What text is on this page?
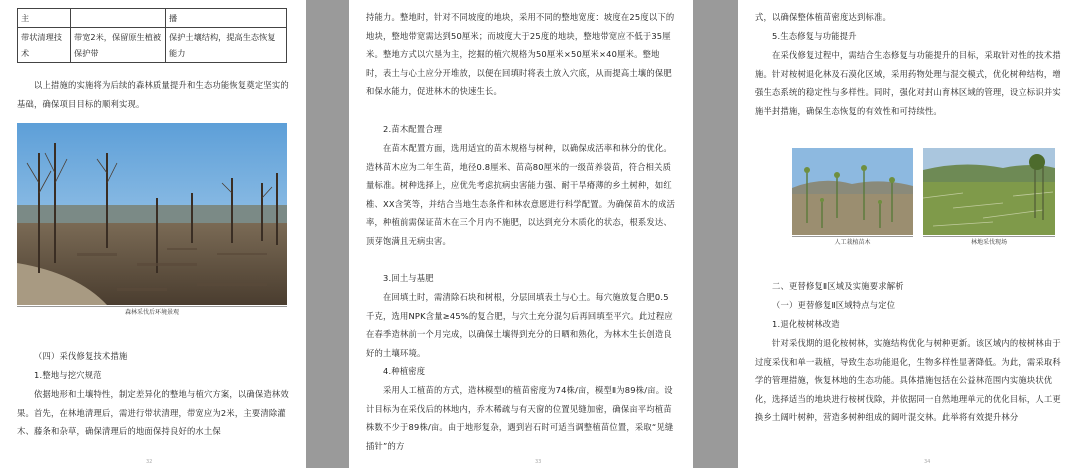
主		播
带状清理技术	带宽2米，保留原生植被保护带	保护土壤结构，提高生态恢复能力
以上措施的实施将为后续的森林质量提升和生态功能恢复奠定坚实的基础，确保项目目标的顺利实现。
森林采伐后环境景观
（四）采伐修复技术措施
1.整地与挖穴规范
依据地形和土壤特性，制定差异化的整地与植穴方案，以确保造林效果。首先，在林地清理后，需进行带状清理，带宽应为2米，主要清除灌木、藤条和杂草，确保清理后的地面保持良好的水土保
32
持能力。整地时，针对不同坡度的地块，采用不同的整地宽度：坡度在25度以下的地块，整地带宽需达到50厘米；而坡度大于25度的地块，整地带宽应不低于35厘米。整地方式以穴垦为主，挖掘的植穴规格为50厘米×50厘米×40厘米。整地时，表土与心土应分开堆放，以便在回填时将表土放入穴底，从而提高土壤的保肥和保水能力，促进林木的快速生长。
2.苗木配置合理
在苗木配置方面，选用适宜的苗木规格与树种，以确保成活率和林分的优化。造林苗木应为二年生苗，地径0.8厘米、苗高80厘米的一级苗养袋苗，符合相关质量标准。树种选择上，应优先考虑抗病虫害能力强、耐干旱瘠薄的乡土树种，如红椎、XX含笑等，并结合当地生态条件和林农意愿进行科学配置。为确保苗木的成活率，种植前需保证苗木在三个月内不施肥，以达到充分木质化的状态，根系发达、顶芽饱满且无病虫害。
3.回土与基肥
在回填土时，需清除石块和树根，分层回填表土与心土。每穴施放复合肥0.5千克，选用NPK含量≥45%的复合肥，与穴土充分混匀后再回填至平穴。此过程应在春季造林前一个月完成，以确保土壤得到充分的日晒和熟化，为林木生长创造良好的土壤环境。
4.种植密度
采用人工植苗的方式，造林模型Ⅰ的植苗密度为74株/亩，模型Ⅱ为89株/亩。设计目标为在采伐后的林地内，乔木稀疏与有天窗的位置见缝加密，确保亩平均植苗株数不少于89株/亩。由于地形复杂，遇到岩石时可适当调整植苗位置，采取“见缝插针”的方
33
式，以确保整体植苗密度达到标准。
5.生态修复与功能提升
在采伐修复过程中，需结合生态修复与功能提升的目标，采取针对性的技术措施。针对桉树退化林及石漠化区域，采用药物处理与混交模式，优化树种结构，增强生态系统的稳定性与多样性。同时，强化对封山育林区域的管理，设立标识并实施半封措施，确保生态恢复的有效性和可持续性。
人工栽植苗木	林地采伐现场
二、更替修复Ⅱ区域及实施要求解析
（一）更替修复Ⅱ区域特点与定位
1.退化桉树林改造
针对采伐期的退化桉树林，实施结构优化与树种更新。该区域内的桉树林由于过度采伐和单一栽植，导致生态功能退化，生物多样性显著降低。为此，需采取科学的管理措施，恢复林地的生态功能。具体措施包括在公益林范围内实施块状优化，选择适当的地块进行桉树伐除，并依据同一自然地理单元的优化目标，人工更换乡土阔叶树种，营造多树种组成的阔叶混交林。此举将有效提升林分
34
